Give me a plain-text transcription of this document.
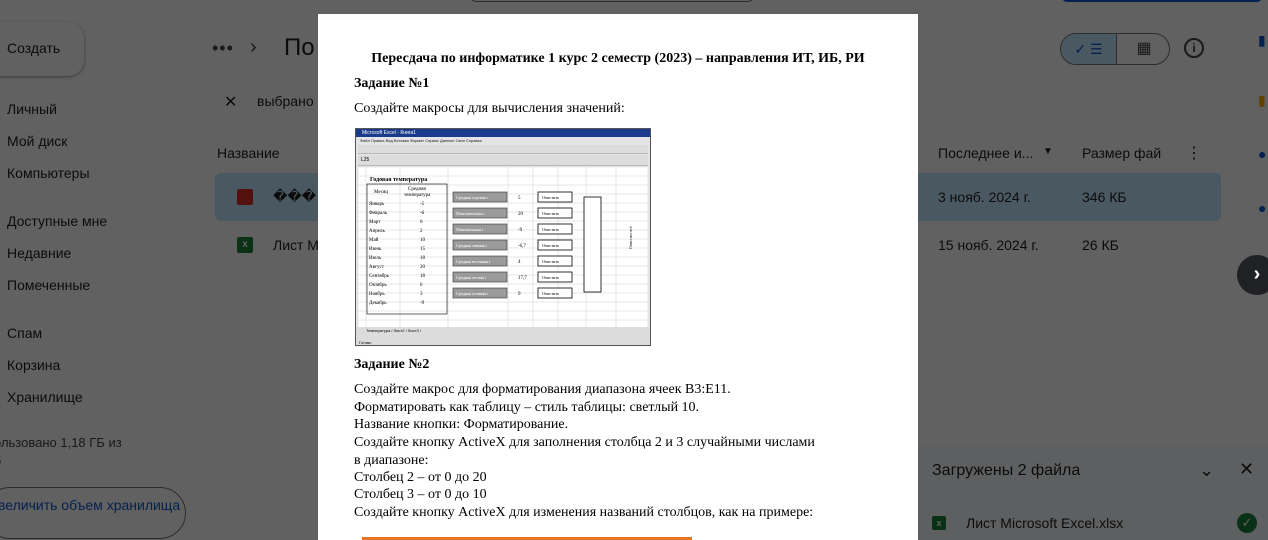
›
Пересдача по информатике 1 курс 2 семестр (2023) – направления ИТ, ИБ, РИ
Задание №1
Создайте макросы для вычисления значений:
Microsoft Excel - Книга1
Файл Правка Вид Вставка Формат Сервис Данные Окно Справка
L25
Годовая температура
Месяц
Средняя
температура
Январь	-5
Февраль	-6
Март	0
Апрель	2
Май	10
Июнь	15
Июль	18
Август	20
Сентябрь	18
Октябрь	6
Ноябрь	3
Декабрь	-9
Средняя годовая t	5	Очистить
Максимальная t	20	Очистить
Минимальная t	-9	Очистить
Средняя зимняя t	-6,7	Очистить
Средняя весенняя t	4	Очистить
Средняя летняя t	17,7	Очистить
Средняя осенняя t	9	Очистить
Очистить всё
Температура / Лист2 / Лист3 /
Готово
Задание №2
Создайте макрос для форматирования диапазона ячеек B3:E11.
Форматировать как таблицу – стиль таблицы: светлый 10.
Название кнопки: Форматирование.
Создайте кнопку ActiveX для заполнения столбца 2 и 3 случайными числами
в диапазоне:
Столбец 2 – от 0 до 20
Столбец 3 – от 0 до 10
Создайте кнопку ActiveX для изменения названий столбцов, как на примере:
